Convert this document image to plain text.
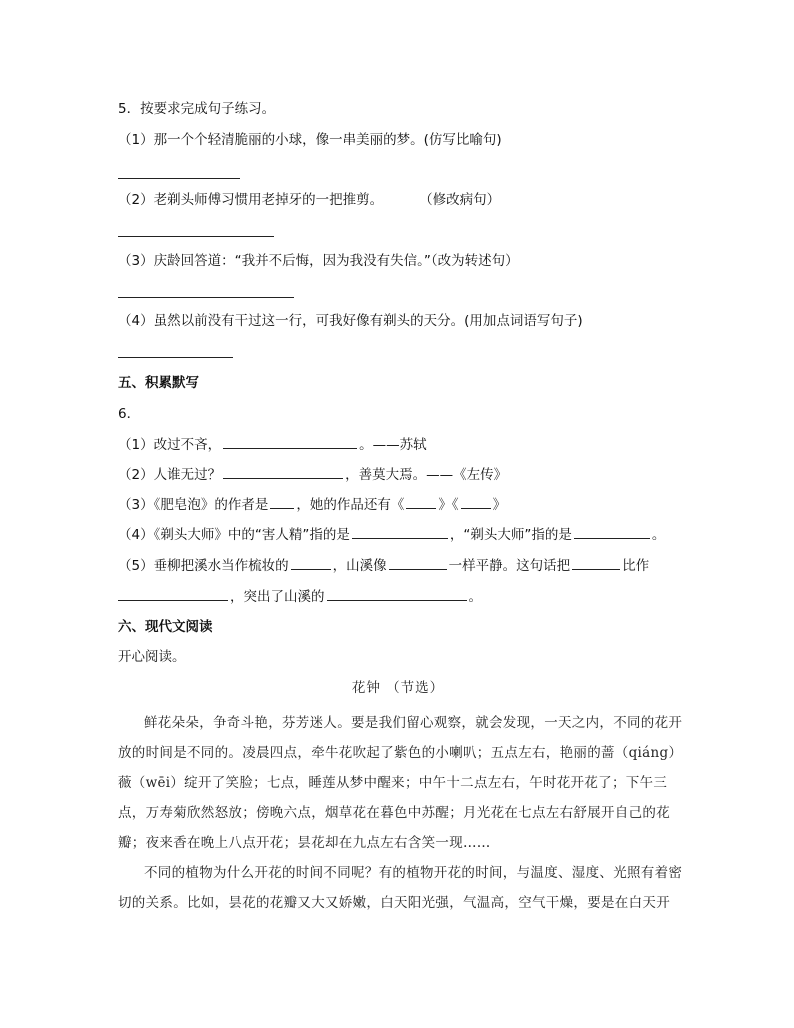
5．按要求完成句子练习。
（1）那一个个轻清脆丽的小球，像一串美丽的梦。(仿写比喻句)
（2）老剃头师傅习惯用老掉牙的一把推剪。	（修改病句）
（3）庆龄回答道：“我并不后悔，因为我没有失信。”（改为转述句）
（4）虽然以前没有干过这一行，可我好像有剃头的天分。(用加点词语写句子)
五、积累默写
6．
（1）改过不吝，	。——苏轼
（2）人谁无过？	，善莫大焉。——《左传》
（3）《肥皂泡》的作者是 ，她的作品还有《	》《	》
（4）《剃头大师》中的“害人精”指的是	，“剃头大师”指的是	。
（5）垂柳把溪水当作梳妆的	，山溪像	一样平静。这句话把	比作
，突出了山溪的	。
六、现代文阅读
开心阅读。
花钟 （节选）
鲜花朵朵，争奇斗艳，芬芳迷人。要是我们留心观察，就会发现，一天之内，不同的花开
放的时间是不同的。凌晨四点，牵牛花吹起了紫色的小喇叭；五点左右，艳丽的蔷（qiáng）
薇（wēi）绽开了笑脸；七点，睡莲从梦中醒来；中午十二点左右，午时花开花了；下午三
点，万寿菊欣然怒放；傍晚六点，烟草花在暮色中苏醒；月光花在七点左右舒展开自己的花
瓣；夜来香在晚上八点开花；昙花却在九点左右含笑一现……
不同的植物为什么开花的时间不同呢？有的植物开花的时间，与温度、湿度、光照有着密
切的关系。比如，昙花的花瓣又大又娇嫩，白天阳光强，气温高，空气干燥，要是在白天开
